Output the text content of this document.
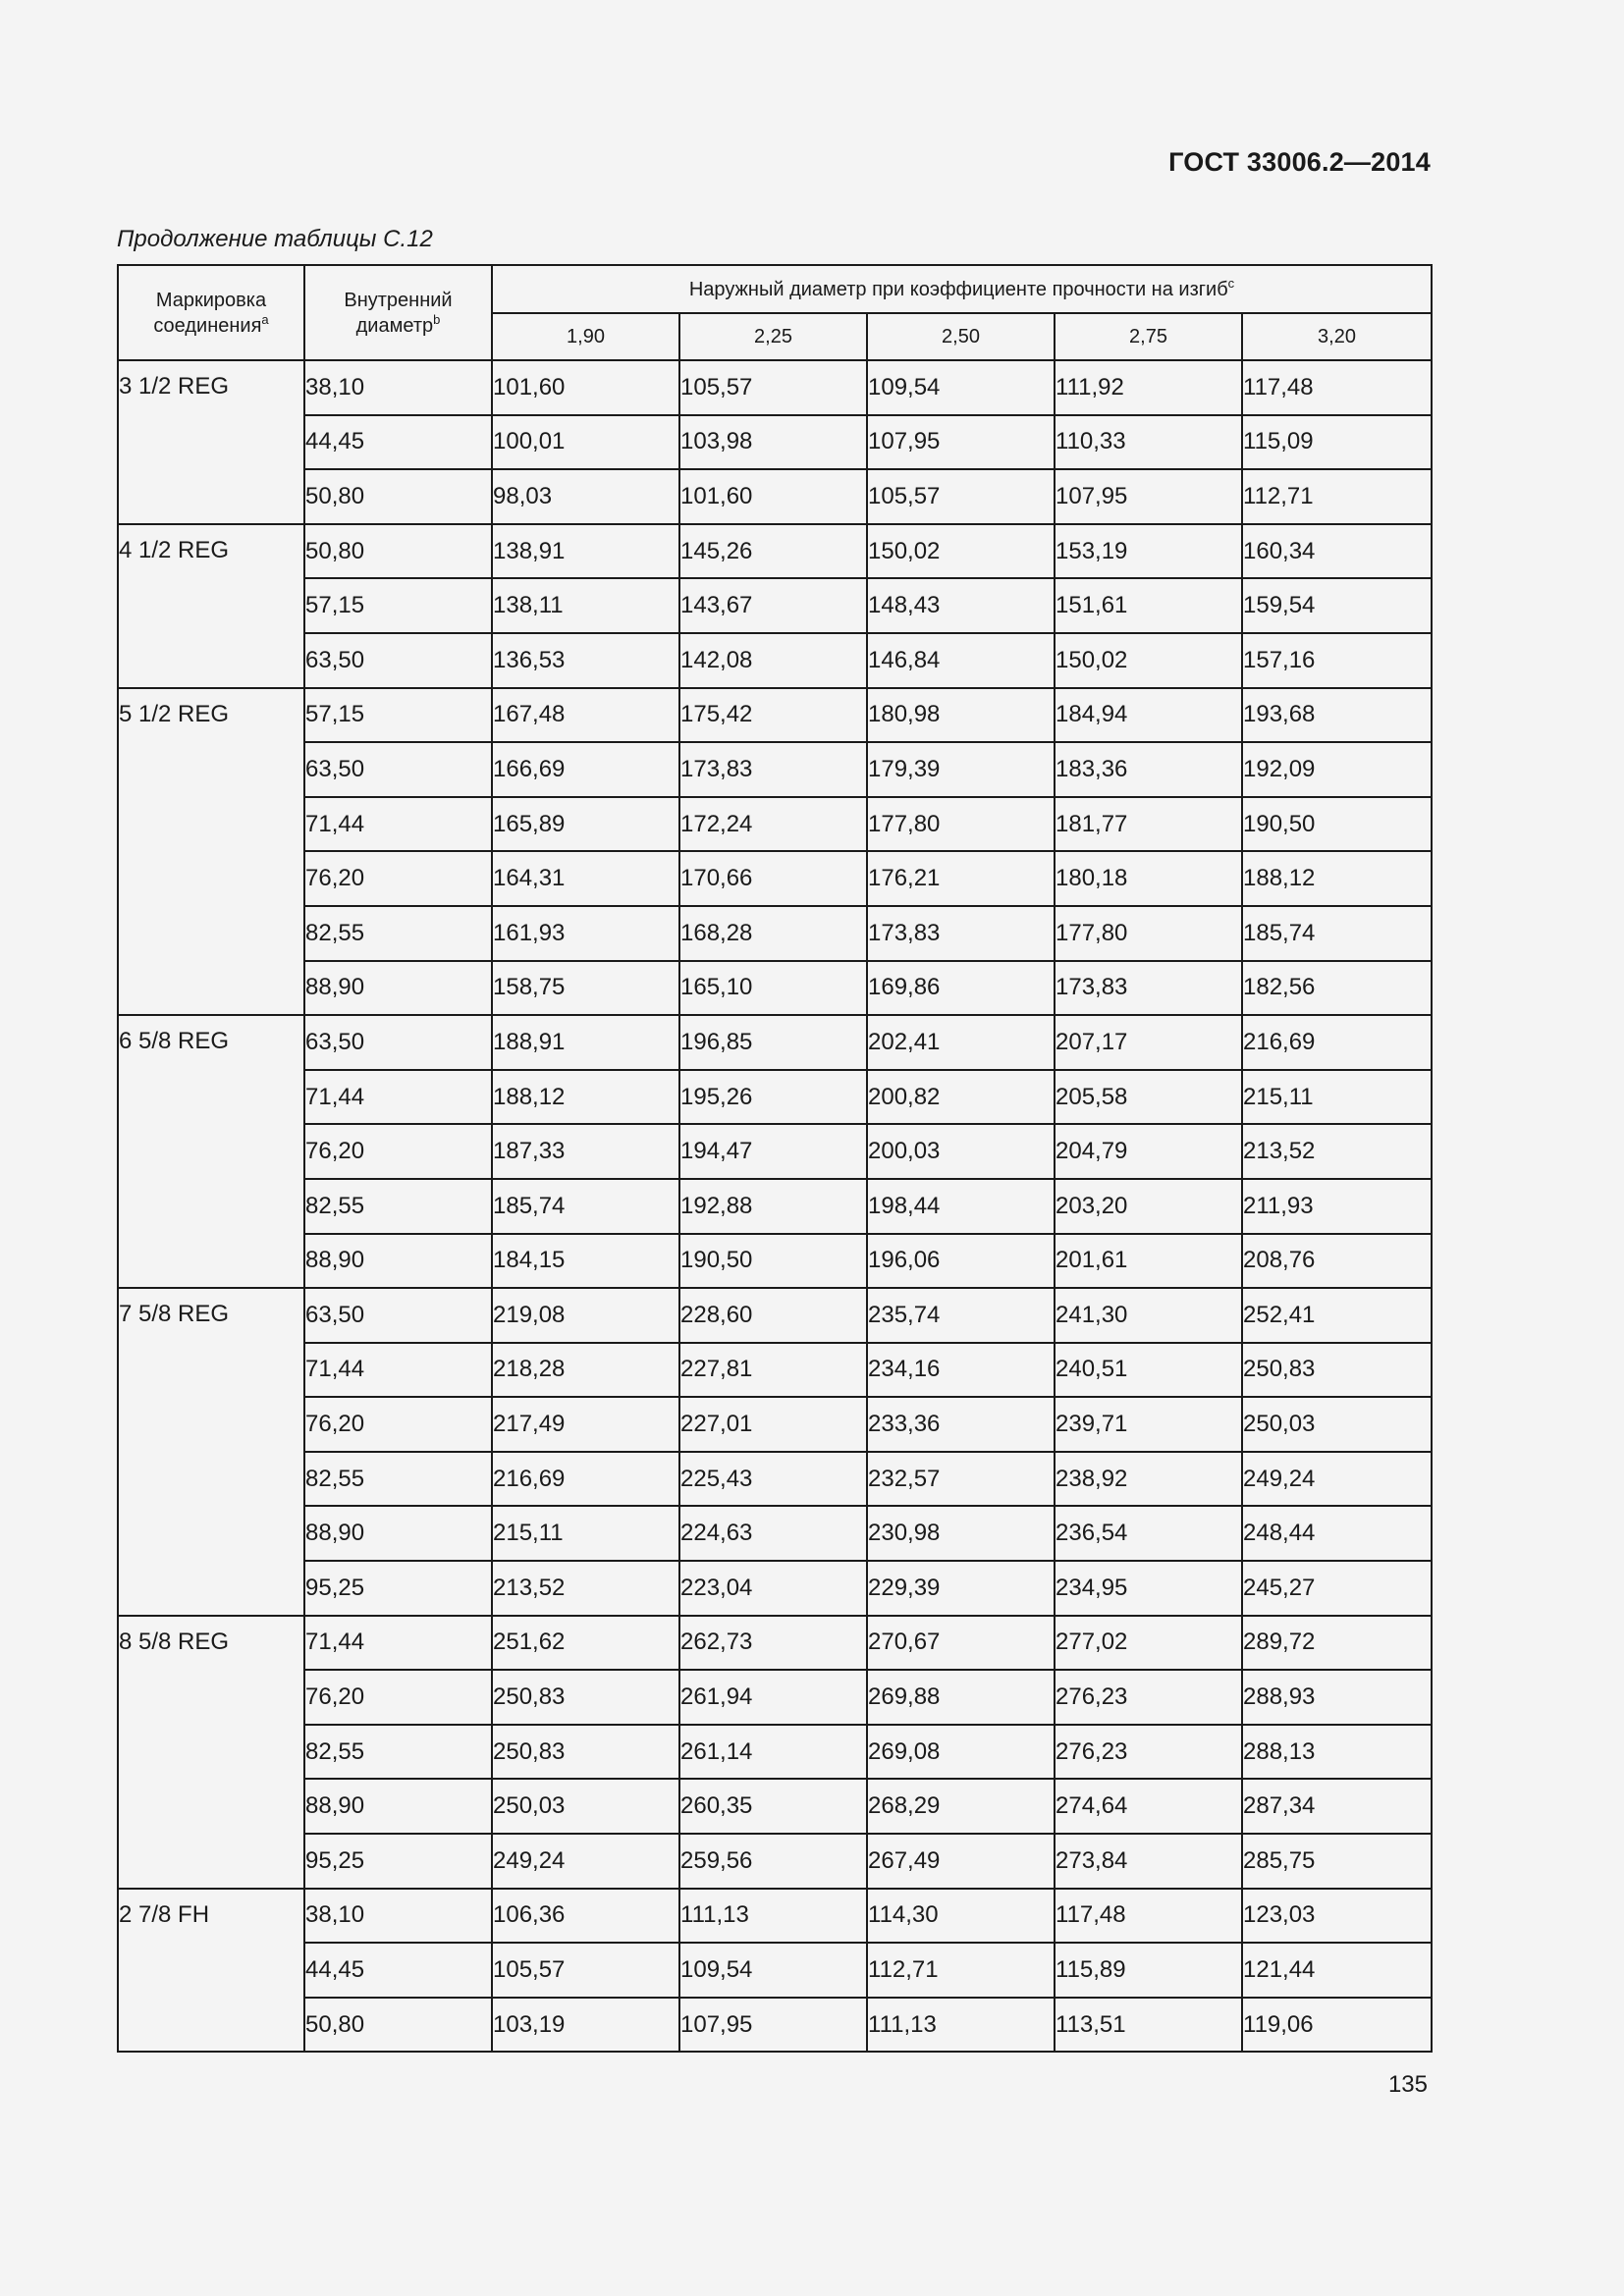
ГОСТ 33006.2—2014
Продолжение таблицы С.12
Маркировка соединения$^a$	Внутренний диаметр$^b$	Наружный диаметр при коэффициенте прочности на изгиб$^c$
		1,90	2,25	2,50	2,75	3,20
3 1/2 REG	38,10	101,60	105,57	109,54	111,92	117,48
	44,45	100,01	103,98	107,95	110,33	115,09
	50,80	98,03	101,60	105,57	107,95	112,71
4 1/2 REG	50,80	138,91	145,26	150,02	153,19	160,34
	57,15	138,11	143,67	148,43	151,61	159,54
	63,50	136,53	142,08	146,84	150,02	157,16
5 1/2 REG	57,15	167,48	175,42	180,98	184,94	193,68
	63,50	166,69	173,83	179,39	183,36	192,09
	71,44	165,89	172,24	177,80	181,77	190,50
	76,20	164,31	170,66	176,21	180,18	188,12
	82,55	161,93	168,28	173,83	177,80	185,74
	88,90	158,75	165,10	169,86	173,83	182,56
6 5/8 REG	63,50	188,91	196,85	202,41	207,17	216,69
	71,44	188,12	195,26	200,82	205,58	215,11
	76,20	187,33	194,47	200,03	204,79	213,52
	82,55	185,74	192,88	198,44	203,20	211,93
	88,90	184,15	190,50	196,06	201,61	208,76
7 5/8 REG	63,50	219,08	228,60	235,74	241,30	252,41
	71,44	218,28	227,81	234,16	240,51	250,83
	76,20	217,49	227,01	233,36	239,71	250,03
	82,55	216,69	225,43	232,57	238,92	249,24
	88,90	215,11	224,63	230,98	236,54	248,44
	95,25	213,52	223,04	229,39	234,95	245,27
8 5/8 REG	71,44	251,62	262,73	270,67	277,02	289,72
	76,20	250,83	261,94	269,88	276,23	288,93
	82,55	250,83	261,14	269,08	276,23	288,13
	88,90	250,03	260,35	268,29	274,64	287,34
	95,25	249,24	259,56	267,49	273,84	285,75
2 7/8 FH	38,10	106,36	111,13	114,30	117,48	123,03
	44,45	105,57	109,54	112,71	115,89	121,44
	50,80	103,19	107,95	111,13	113,51	119,06
135
